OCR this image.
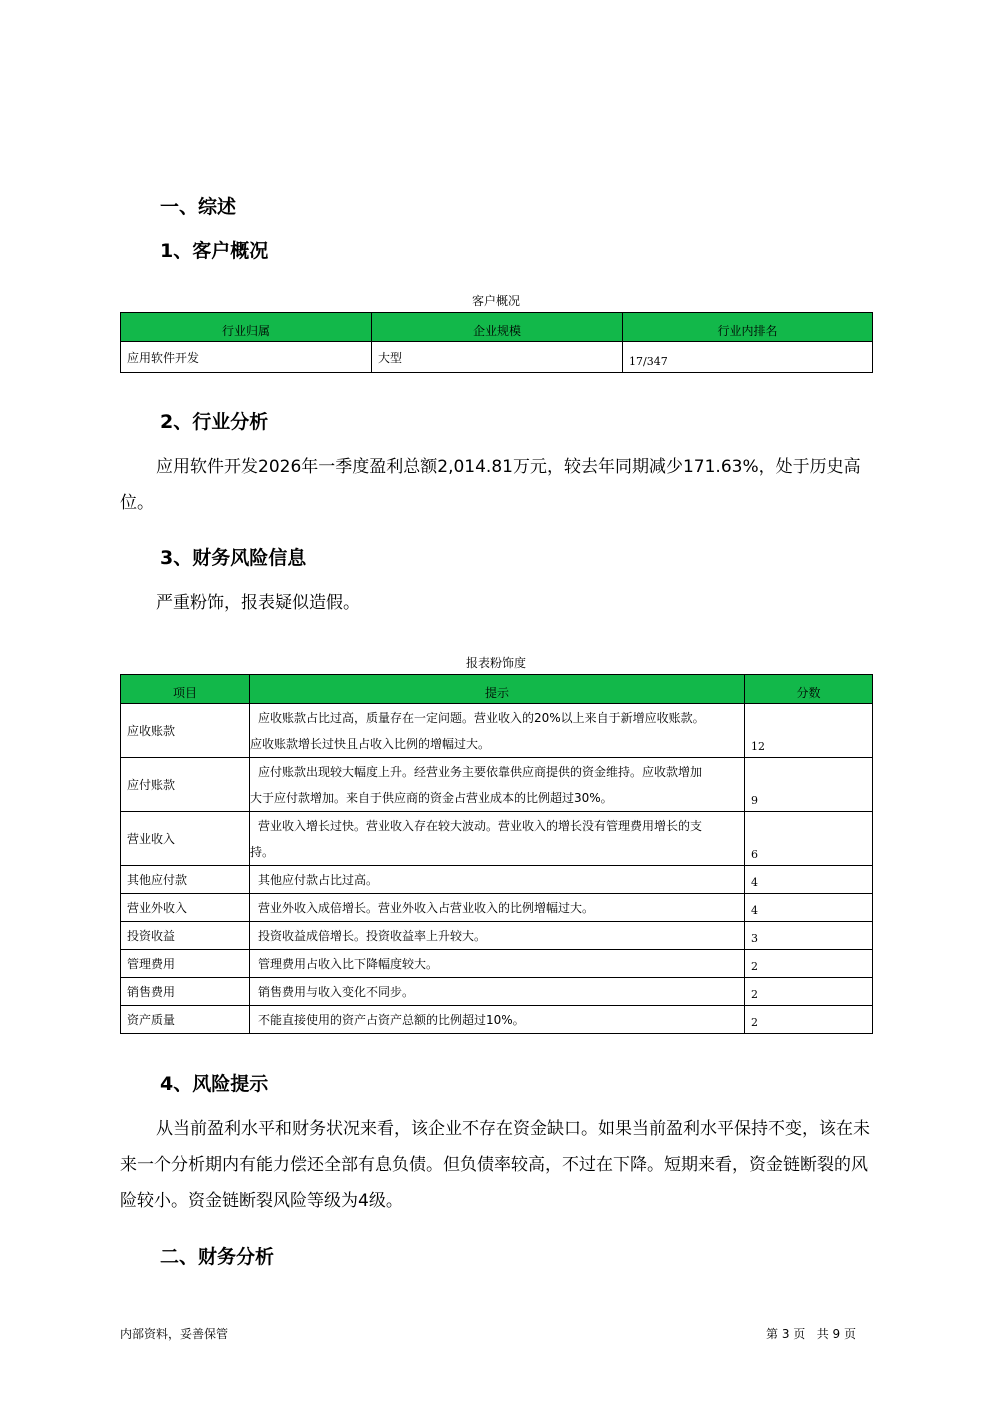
一、综述
1、客户概况
客户概况
行业归属	企业规模	行业内排名
应用软件开发	大型	17/347
2、行业分析
应用软件开发2026年一季度盈利总额2,014.81万元，较去年同期减少171.63%，处于历史高位。
3、财务风险信息
严重粉饰，报表疑似造假。
报表粉饰度
项目	提示	分数
应收账款	应收账款占比过高，质量存在一定问题。营业收入的20%以上来自于新增应收账款。
应收账款增长过快且占收入比例的增幅过大。	12
应付账款	应付账款出现较大幅度上升。经营业务主要依靠供应商提供的资金维持。应收款增加
大于应付款增加。来自于供应商的资金占营业成本的比例超过30%。	9
营业收入	营业收入增长过快。营业收入存在较大波动。营业收入的增长没有管理费用增长的支
持。	6
其他应付款	其他应付款占比过高。	4
营业外收入	营业外收入成倍增长。营业外收入占营业收入的比例增幅过大。	4
投资收益	投资收益成倍增长。投资收益率上升较大。	3
管理费用	管理费用占收入比下降幅度较大。	2
销售费用	销售费用与收入变化不同步。	2
资产质量	不能直接使用的资产占资产总额的比例超过10%。	2
4、风险提示
从当前盈利水平和财务状况来看，该企业不存在资金缺口。如果当前盈利水平保持不变，该在未来一个分析期内有能力偿还全部有息负债。但负债率较高，不过在下降。短期来看，资金链断裂的风险较小。资金链断裂风险等级为4级。
二、财务分析
内部资料，妥善保管	第 3 页   共 9 页
